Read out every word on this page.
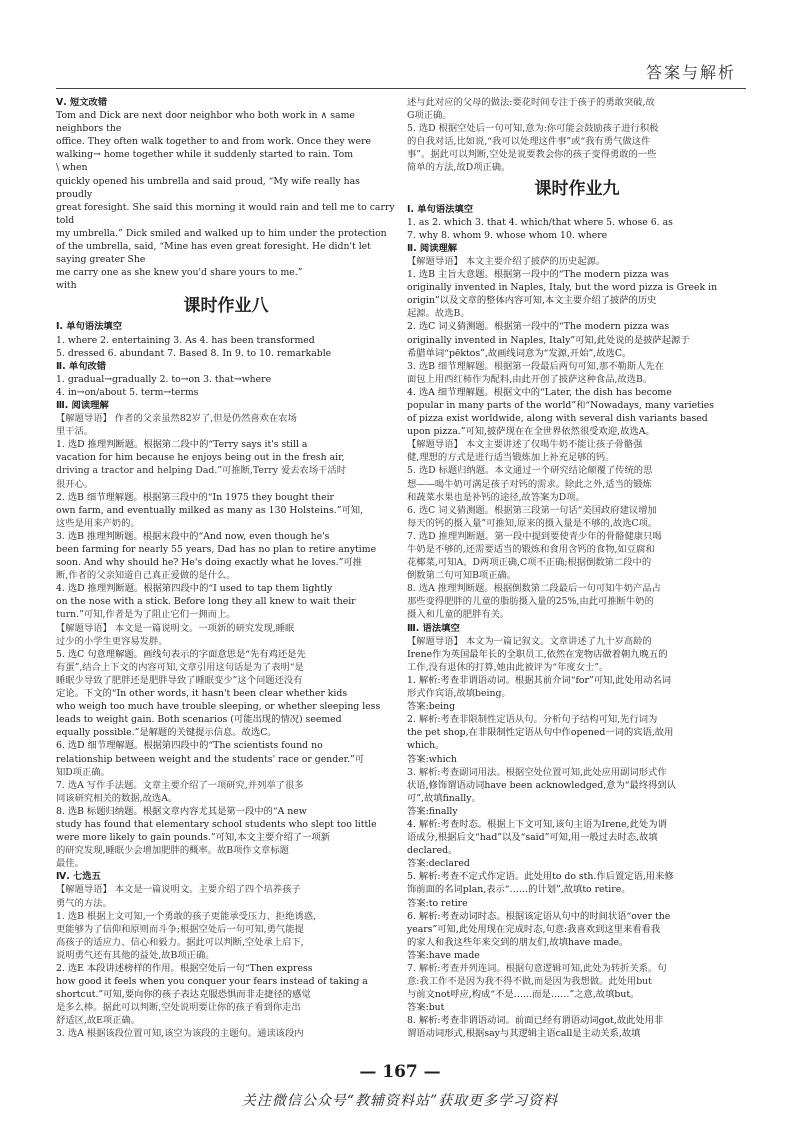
答案与解析
Ⅴ. 短文改错
Tom and Dick are next door neighbor who both work in ∧ same
neighbors the
office. They often walk together to and from work. Once they were
walking→ home together while it suddenly started to rain. Tom
\ when
quickly opened his umbrella and said proud, “My wife really has
proudly
great foresight. She said this morning it would rain and tell me to carry
told
my umbrella.” Dick smiled and walked up to him under the protection
of the umbrella, said, “Mine has even great foresight. He didn't let
saying greater She
me carry one as she knew you'd share yours to me.”
with
课时作业八
Ⅰ. 单句语法填空
1. where 2. entertaining 3. As 4. has been transformed
5. dressed 6. abundant 7. Based 8. In 9. to 10. remarkable
Ⅱ. 单句改错
1. gradual→gradually 2. to→on 3. that→where
4. in→on/about 5. term→terms
Ⅲ. 阅读理解
【解题导语】 作者的父亲虽然82岁了,但是仍然喜欢在农场
里干活。
1. 选D 推理判断题。根据第二段中的“Terry says it's still a
vacation for him because he enjoys being out in the fresh air,
driving a tractor and helping Dad.”可推断,Terry 爱去农场干活时
很开心。
2. 选B 细节理解题。根据第三段中的“In 1975 they bought their
own farm, and eventually milked as many as 130 Holsteins.”可知,
这些是用来产奶的。
3. 选B 推理判断题。根据末段中的“And now, even though he's
been farming for nearly 55 years, Dad has no plan to retire anytime
soon. And why should he? He's doing exactly what he loves.”可推
断,作者的父亲知道自己真正爱做的是什么。
4. 选D 推理判断题。根据第四段中的“I used to tap them lightly
on the nose with a stick. Before long they all knew to wait their
turn.”可知,作者是为了阻止它们一拥而上。
【解题导语】 本文是一篇说明文。一项新的研究发现,睡眠
过少的小学生更容易发胖。
5. 选C 句意理解题。画线句表示的字面意思是“先有鸡还是先
有蛋”,结合上下文的内容可知,文章引用这句话是为了表明“是
睡眠少导致了肥胖还是肥胖导致了睡眠变少”这个问题还没有
定论。下文的“In other words, it hasn't been clear whether kids
who weigh too much have trouble sleeping, or whether sleeping less
leads to weight gain. Both scenarios (可能出现的情况) seemed
equally possible.”是解题的关键提示信息。故选C。
6. 选D 细节理解题。根据第四段中的“The scientists found no
relationship between weight and the students' race or gender.”可
知D项正确。
7. 选A 写作手法题。文章主要介绍了一项研究,并列举了很多
同该研究相关的数据,故选A。
8. 选B 标题归纳题。根据文章内容尤其是第一段中的“A new
study has found that elementary school students who slept too little
were more likely to gain pounds.”可知,本文主要介绍了一项新
的研究发现,睡眠少会增加肥胖的概率。故B项作文章标题
最佳。
Ⅳ. 七选五
【解题导语】 本文是一篇说明文。主要介绍了四个培养孩子
勇气的方法。
1. 选B 根据上文可知,一个勇敢的孩子更能承受压力、拒绝诱惑,
更能够为了信仰和原则而斗争;根据空处后一句可知,勇气能提
高孩子的适应力、信心和毅力。据此可以判断,空处承上启下,
说明勇气还有其他的益处,故B项正确。
2. 选E 本段讲述榜样的作用。根据空处后一句“Then express
how good it feels when you conquer your fears instead of taking a
shortcut.”可知,要向你的孩子表达克服恐惧而非走捷径的感觉
是多么棒。据此可以判断,空处说明要让你的孩子看到你走出
舒适区,故E项正确。
3. 选A 根据该段位置可知,该空为该段的主题句。通读该段内
述与此对应的父母的做法:要花时间专注于孩子的勇敢突破,故
G项正确。
5. 选D 根据空处后一句可知,意为:你可能会鼓励孩子进行积极
的自我对话,比如说,“我可以处理这件事”或“我有勇气做这件
事”。据此可以判断,空处是说要教会你的孩子变得勇敢的一些
简单的方法,故D项正确。
课时作业九
Ⅰ. 单句语法填空
1. as 2. which 3. that 4. which/that where 5. whose 6. as
7. why 8. whom 9. whose whom 10. where
Ⅱ. 阅读理解
【解题导语】 本文主要介绍了披萨的历史起源。
1. 选B 主旨大意题。根据第一段中的“The modern pizza was
originally invented in Naples, Italy, but the word pizza is Greek in
origin”以及文章的整体内容可知,本文主要介绍了披萨的历史
起源。故选B。
2. 选C 词义猜测题。根据第一段中的“The modern pizza was
originally invented in Naples, Italy”可知,此处说的是披萨起源于
希腊单词“pēktos”,故画线词意为“发源,开始”,故选C。
3. 选B 细节理解题。根据第一段最后两句可知,那不勒斯人先在
面包上用西红柿作为配料,由此开创了披萨这种食品,故选B。
4. 选A 细节理解题。根据文中的“Later, the dish has become
popular in many parts of the world”和“Nowadays, many varieties
of pizza exist worldwide, along with several dish variants based
upon pizza.”可知,披萨现在在全世界依然很受欢迎,故选A。
【解题导语】 本文主要讲述了仅喝牛奶不能让孩子骨骼强
健,理想的方式是进行适当锻炼加上补充足够的钙。
5. 选D 标题归纳题。本文通过一个研究结论颠覆了传统的思
想——喝牛奶可满足孩子对钙的需求。除此之外,适当的锻炼
和蔬菜水果也是补钙的途径,故答案为D项。
6. 选C 词义猜测题。根据第三段第一句话“美国政府建议增加
每天的钙的摄入量”可推知,原来的摄入量是不够的,故选C项。
7. 选D 推理判断题。第一段中提到要使青少年的骨骼健康只喝
牛奶是不够的,还需要适当的锻炼和食用含钙的食物,如豆腐和
花椰菜,可知A、D两项正确,C项不正确;根据倒数第二段中的
倒数第二句可知B项正确。
8. 选A 推理判断题。根据倒数第二段最后一句可知牛奶产品占
那些变得肥胖的儿童的脂肪摄入量的25%,由此可推断牛奶的
摄入和儿童的肥胖有关。
Ⅲ. 语法填空
【解题导语】 本文为一篇记叙文。文章讲述了九十岁高龄的
Irene作为英国最年长的全职员工,依然在宠物店做着朝九晚五的
工作,没有退休的打算,她由此被评为“年度女士”。
1. 解析:考查非谓语动词。根据其前介词“for”可知,此处用动名词
形式作宾语,故填being。
答案:being
2. 解析:考查非限制性定语从句。分析句子结构可知,先行词为
the pet shop,在非限制性定语从句中作opened一词的宾语,故用
which。
答案:which
3. 解析:考查副词用法。根据空处位置可知,此处应用副词形式作
状语,修饰谓语动词have been acknowledged,意为“最终得到认
可”,故填finally。
答案:finally
4. 解析:考查时态。根据上下文可知,该句主语为Irene,此处为谓
语成分,根据后文“had”以及“said”可知,用一般过去时态,故填
declared。
答案:declared
5. 解析:考查不定式作定语。此处用to do sth.作后置定语,用来修
饰前面的名词plan,表示“……的计划”,故填to retire。
答案:to retire
6. 解析:考查动词时态。根据该定语从句中的时间状语“over the
years”可知,此处用现在完成时态,句意:我喜欢到这里来看看我
的家人和我这些年来交到的朋友们,故填have made。
答案:have made
7. 解析:考查并列连词。根据句意逻辑可知,此处为转折关系。句
意:我工作不是因为我不得不做,而是因为我想做。此处用but
与前文not呼应,构成“不是……而是……”之意,故填but。
答案:but
8. 解析:考查非谓语动词。前面已经有谓语动词got,故此处用非
谓语动词形式,根据say与其逻辑主语call是主动关系,故填
— 167 —
关注微信公众号“教辅资料站”获取更多学习资料
